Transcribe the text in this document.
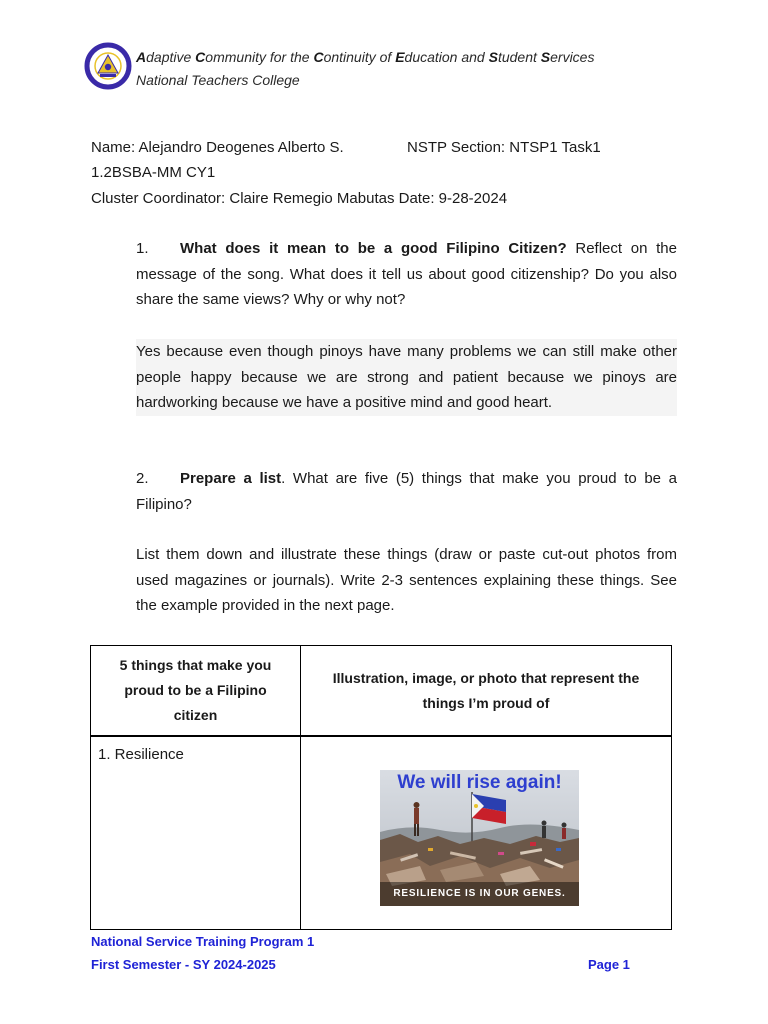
Adaptive Community for the Continuity of Education and Student Services
National Teachers College
Name: Alejandro Deogenes Alberto S.	NSTP Section: NTSP1 Task1
1.2BSBA-MM CY1
Cluster Coordinator: Claire Remegio Mabutas Date: 9-28-2024
1. What does it mean to be a good Filipino Citizen? Reflect on the message of the song. What does it tell us about good citizenship? Do you also share the same views? Why or why not?
Yes because even though pinoys have many problems we can still make other people happy because we are strong and patient because we pinoys are hardworking because we have a positive mind and good heart.
2. Prepare a list. What are five (5) things that make you proud to be a Filipino?
List them down and illustrate these things (draw or paste cut-out photos from used magazines or journals). Write 2-3 sentences explaining these things. See the example provided in the next page.
5 things that make you proud to be a Filipino citizen	Illustration, image, or photo that represent the things I’m proud of
1. Resilience	We will rise again!
RESILIENCE IS IN OUR GENES.
National Service Training Program 1
First Semester - SY 2024-2025	Page 1
